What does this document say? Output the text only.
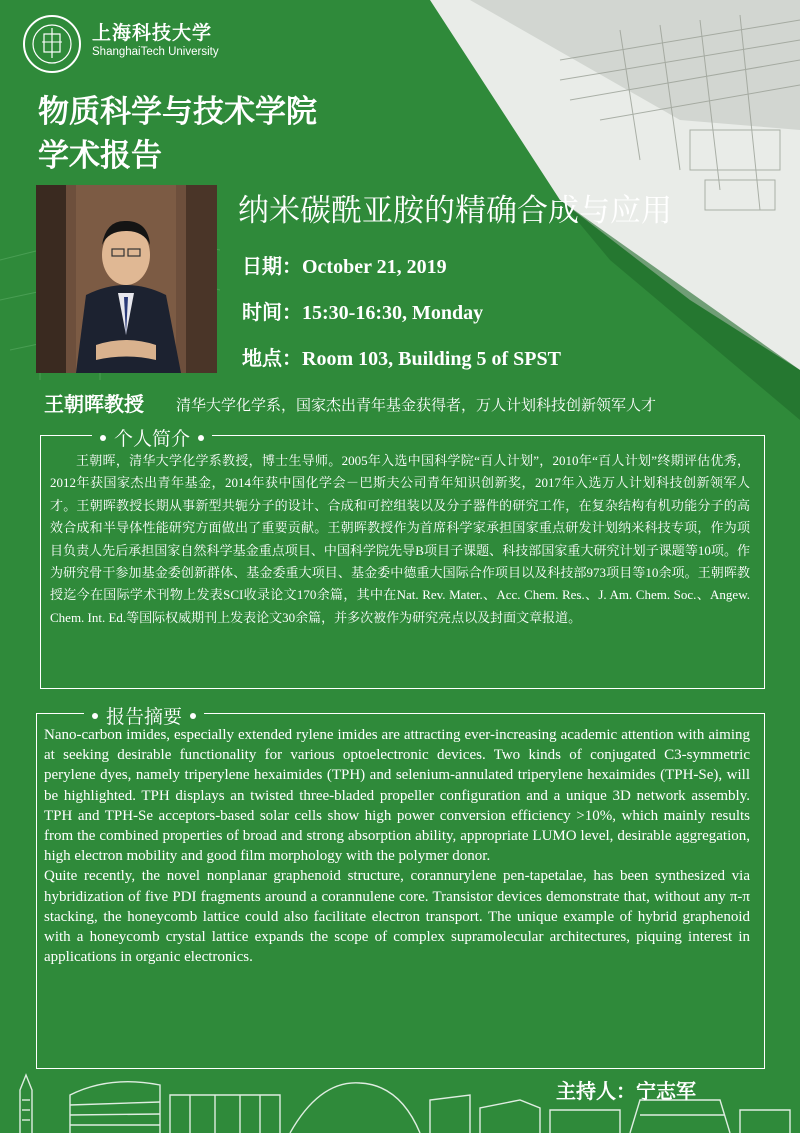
上海科技大学
ShanghaiTech University
物质科学与技术学院
学术报告
纳米碳酰亚胺的精确合成与应用
日期：October 21, 2019
时间：15:30-16:30, Monday
地点：Room 103, Building 5 of SPST
王朝晖教授 清华大学化学系，国家杰出青年基金获得者，万人计划科技创新领军人才
个人简介
王朝晖，清华大学化学系教授，博士生导师。2005年入选中国科学院“百人计划”，2010年“百人计划”终期评估优秀，2012年获国家杰出青年基金，2014年获中国化学会－巴斯夫公司青年知识创新奖，2017年入选万人计划科技创新领军人才。王朝晖教授长期从事新型共轭分子的设计、合成和可控组装以及分子器件的研究工作，在复杂结构有机功能分子的高效合成和半导体性能研究方面做出了重要贡献。王朝晖教授作为首席科学家承担国家重点研发计划纳米科技专项，作为项目负责人先后承担国家自然科学基金重点项目、中国科学院先导B项目子课题、科技部国家重大研究计划子课题等10项。作为研究骨干参加基金委创新群体、基金委重大项目、基金委中德重大国际合作项目以及科技部973项目等10余项。王朝晖教授迄今在国际学术刊物上发表SCI收录论文170余篇，其中在Nat. Rev. Mater.、Acc. Chem. Res.、J. Am. Chem. Soc.、Angew. Chem. Int. Ed.等国际权威期刊上发表论文30余篇，并多次被作为研究亮点以及封面文章报道。
报告摘要

Nano-carbon imides, especially extended rylene imides are attracting ever-increasing academic attention with aiming at seeking desirable functionality for various optoelectronic devices. Two kinds of conjugated C3-symmetric perylene dyes, namely triperylene hexaimides (TPH) and selenium-annulated triperylene hexaimides (TPH-Se), will be highlighted. TPH displays an twisted three-bladed propeller configuration and a unique 3D network assembly. TPH and TPH-Se acceptors-based solar cells show high power conversion efficiency >10%, which mainly results from the combined properties of broad and strong absorption ability, appropriate LUMO level, desirable aggregation, high electron mobility and good film morphology with the polymer donor.

Quite recently, the novel nonplanar graphenoid structure, corannurylene pen-tapetalae, has been synthesized via hybridization of five PDI fragments around a corannulene core. Transistor devices demonstrate that, without any π-π stacking, the honeycomb lattice could also facilitate electron transport. The unique example of hybrid graphenoid with a honeycomb crystal lattice expands the scope of complex supramolecular architectures, piquing interest in applications in organic electronics.

主持人：宁志军
